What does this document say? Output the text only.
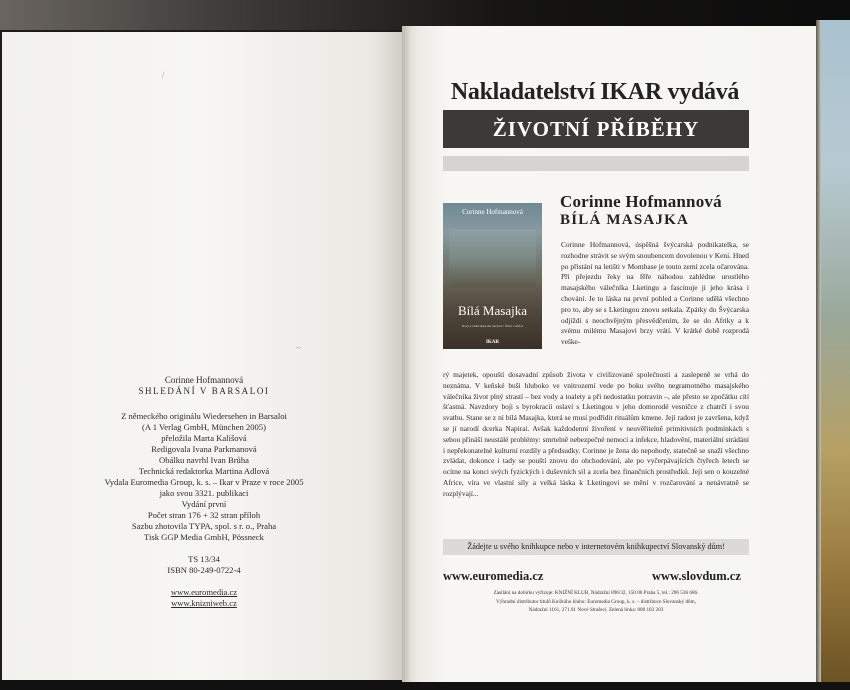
/
~
Corinne Hofmannová
SHLEDÁNÍ V BARSALOI
Z německého originálu Wiedersehen in Barsaloi
(A 1 Verlag GmbH, München 2005)
přeložila Marta Kališová
Redigovala Ivana Parkmanová
Obálku navrhl Ivan Brůha
Technická redaktorka Martina Adlová
Vydala Euromedia Group, k. s. – Ikar v Praze v roce 2005
jako svou 3321. publikaci
Vydání první
Počet stran 176 + 32 stran příloh
Sazbu zhotovila TYPA, spol. s r. o., Praha
Tisk GGP Media GmbH, Pössneck
TS 13/34
ISBN 80-249-0722-4
www.euromedia.cz
www.knizniweb.cz
Nakladatelství IKAR vydává
ŽIVOTNÍ PŘÍBĚHY
Corinne Hofmannová
Bílá Masajka
Nový a velká láska mé osudové • Život v Africe
IKAR
Corinne Hofmannová
BÍLÁ MASAJKA
Corinne Hofmannová, úspěšná švýcarská podnikatelka, se rozhodne strávit se svým snoubencem dovolenou v Keni. Hned po přistání na letišti v Mombase je touto zemí zcela očarována. Při přejezdu řeky na fěře náhodou zahlédne urostlého masajského válečníka Lketingu a fascinuje ji jeho krása i chování. Je to láska na první pohled a Corinne udělá všechno pro to, aby se s Lketingou znovu setkala. Zpátky do Švýcarska odjíždí s neochvějným přesvědčením, že se do Afriky a k svému milému Masajovi brzy vrátí. V krátké době rozprodá veške-
rý majetek, opouští dosavadní způsob života v civilizované společnosti a zaslepeně se vrhá do neznáma. V keňské buši hluboko ve vnitrozemí vede po boku svého negramotného masajského válečníka život plný strastí – bez vody a toalety a při nedostatku potravin –, ale přesto se zpočátku cítí šťastná. Navzdory boji s byrokracií oslaví s Lketingou v jeho domorodé vesničce z chatrčí i svou svatbu. Stane se z ní bílá Masajka, která se musí podřídit rituálům kmene. Její radost je završena, když se jí narodí dcerka Napirai. Avšak každodenní živoření v neuvěřitelně primitivních podmínkách s sebou přináší neustálé problémy: smrtelně nebezpečné nemoci a infekce, hladovění, materiální strádání i nepřekonatelné kulturní rozdíly a předsudky. Corinne je žena do nepohody, statečně se snaží všechno zvládat, dokonce i tady se pouští znovu do obchodování, ale po vyčerpávajících čtyřech letech se ocitne na konci svých fyzických i duševních sil a zcela bez finančních prostředků. Její sen o kouzelné Africe, víra ve vlastní síly a velká láska k Lketingovi se mění v rozčarování a nenávratně se rozplývají...
Žádejte u svého knihkupce nebo v internetovém knihkupectví Slovanský dům!
www.euromedia.cz	www.slovdum.cz
Zasílání na dobírku vyřizuje: KNIŽNÍ KLUB, Nádražní 896/32, 150 00 Praha 5, tel.: 296 536 686.
Výhradní distributor titulů Knižního klubu: Euromedia Group, k. s. – distribuce Slovanský dům,
Nádražní 1161, 271 01 Nové Strašecí. Zelená linka: 800 103 203
